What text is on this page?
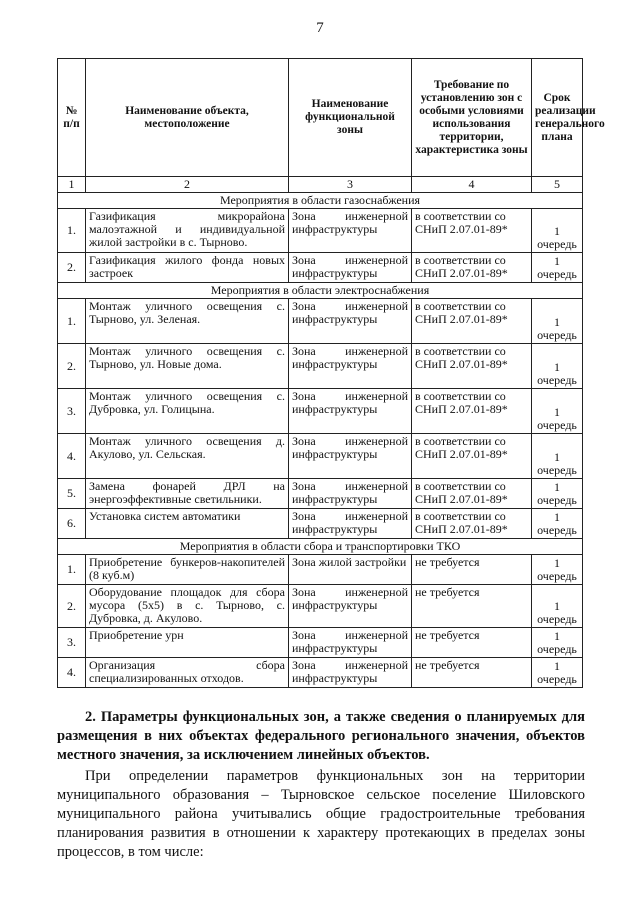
7
№ п/п	Наименование объекта, местоположение	Наименование функциональной зоны	Требование по установлению зон с особыми условиями использования территории, характеристика зоны	Срок реализации генерального плана
1	2	3	4	5
Мероприятия в области газоснабжения				
1.	Газификация микрорайона малоэтажной и индивидуальной жилой застройки в с. Тырново.	Зона инженерной инфраструктуры	в соответствии со СНиП 2.07.01-89*	1 очередь
2.	Газификация жилого фонда новых застроек	Зона инженерной инфраструктуры	в соответствии со СНиП 2.07.01-89*	1 очередь
Мероприятия в области электроснабжения				
1.	Монтаж уличного освещения с. Тырново, ул. Зеленая.	Зона инженерной инфраструктуры	в соответствии со СНиП 2.07.01-89*	1 очередь
2.	Монтаж уличного освещения с. Тырново, ул. Новые дома.	Зона инженерной инфраструктуры	в соответствии со СНиП 2.07.01-89*	1 очередь
3.	Монтаж уличного освещения с. Дубровка, ул. Голицына.	Зона инженерной инфраструктуры	в соответствии со СНиП 2.07.01-89*	1 очередь
4.	Монтаж уличного освещения д. Акулово, ул. Сельская.	Зона инженерной инфраструктуры	в соответствии со СНиП 2.07.01-89*	1 очередь
5.	Замена фонарей ДРЛ на энергоэффективные светильники.	Зона инженерной инфраструктуры	в соответствии со СНиП 2.07.01-89*	1 очередь
6.	Установка систем автоматики	Зона инженерной инфраструктуры	в соответствии со СНиП 2.07.01-89*	1 очередь
Мероприятия в области сбора и транспортировки ТКО				
1.	Приобретение бункеров-накопителей (8 куб.м)	Зона жилой застройки	не требуется	1 очередь
2.	Оборудование площадок для сбора мусора (5х5) в с. Тырново, с. Дубровка, д. Акулово.	Зона инженерной инфраструктуры	не требуется	1 очередь
3.	Приобретение урн	Зона инженерной инфраструктуры	не требуется	1 очередь
4.	Организация сбора специализированных отходов.	Зона инженерной инфраструктуры	не требуется	1 очередь
2. Параметры функциональных зон, а также сведения о планируемых для размещения в них объектах федерального регионального значения, объектов местного значения, за исключением линейных объектов.
При определении параметров функциональных зон на территории муниципального образования – Тырновское сельское поселение Шиловского муниципального района учитывались общие градостроительные требования планирования развития в отношении к характеру протекающих в пределах зоны процессов, в том числе:
